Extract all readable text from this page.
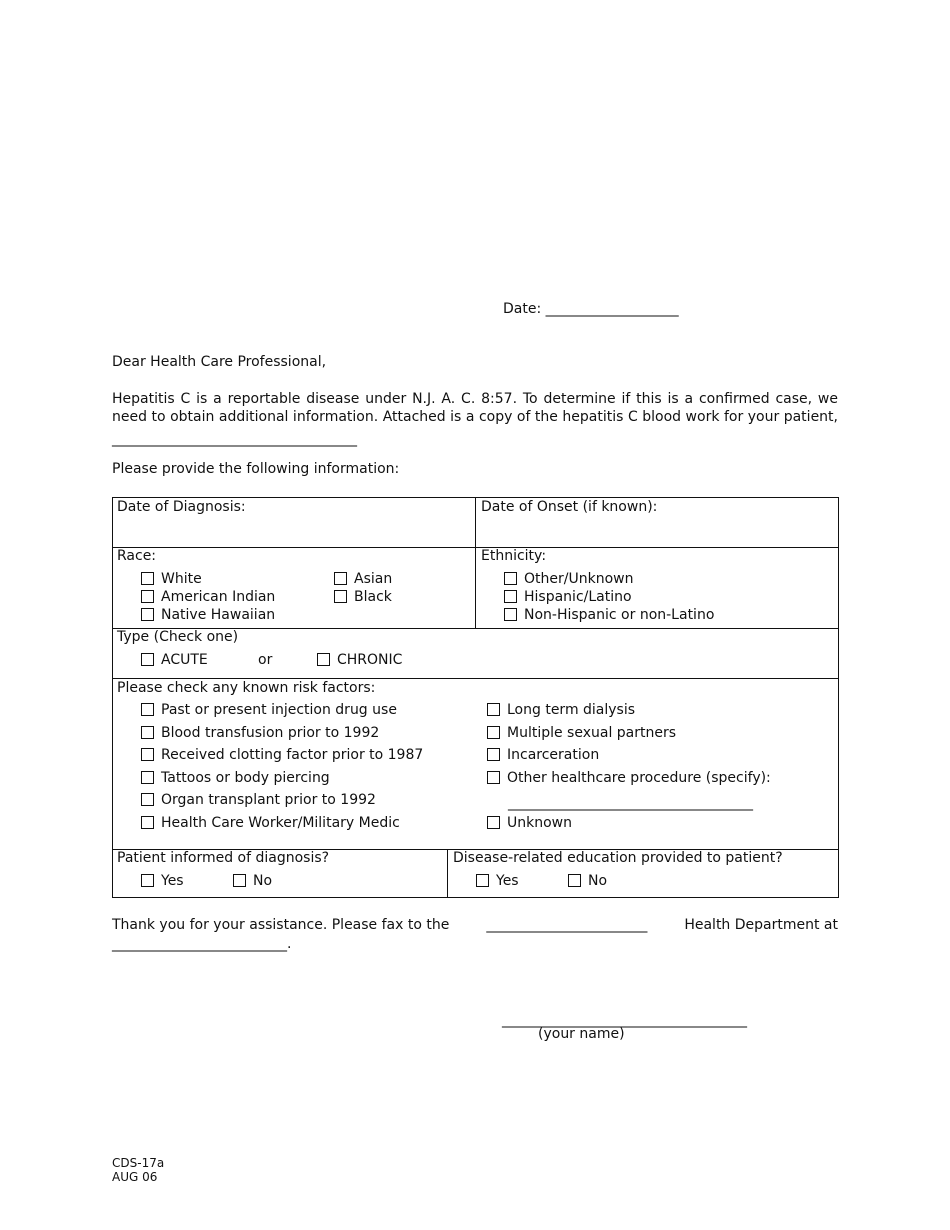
Date: ___________________
Dear Health Care Professional,
Hepatitis C is a reportable disease under N.J. A. C. 8:57. To determine if this is a confirmed case, we need to obtain additional information. Attached is a copy of the hepatitis C blood work for your patient,
___________________________________
Please provide the following information:
Date of Diagnosis:	Date of Onset (if known):
Race:
White
American Indian
Native Hawaiian
Asian
Black
Ethnicity:
Other/Unknown
Hispanic/Latino
Non-Hispanic or non-Latino
Type (Check one)
ACUTE	or	CHRONIC
Please check any known risk factors:
Past or present injection drug use
Blood transfusion prior to 1992
Received clotting factor prior to 1987
Tattoos or body piercing
Organ transplant prior to 1992
Health Care Worker/Military Medic
Long term dialysis
Multiple sexual partners
Incarceration
Other healthcare procedure (specify):
___________________________________
Unknown
Patient informed of diagnosis?
Yes	No
Disease-related education provided to patient?
Yes	No
Thank you for your assistance. Please fax to the	_______________________	Health Department at
_________________________.
___________________________________
(your name)
CDS-17a
AUG 06
